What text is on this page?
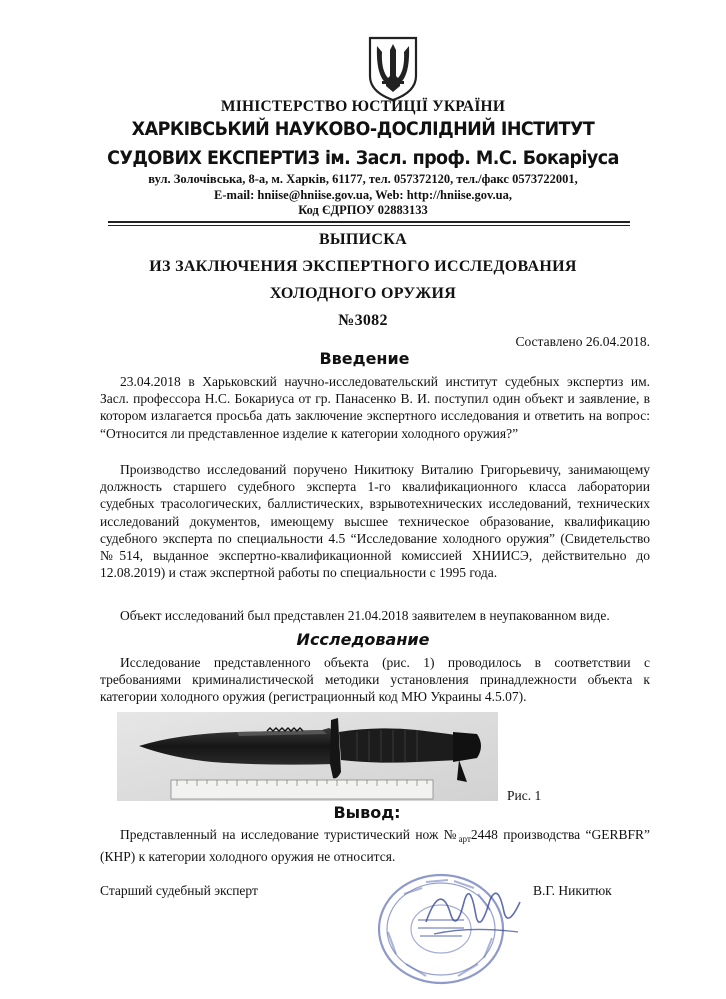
МІНІСТЕРСТВО ЮСТИЦІЇ УКРАЇНИ
ХАРКІВСЬКИЙ НАУКОВО-ДОСЛІДНИЙ ІНСТИТУТ
СУДОВИХ ЕКСПЕРТИЗ ім. Засл. проф. М.С. Бокаріуса
вул. Золочівська, 8-а, м. Харків, 61177, тел. 057372120, тел./факс 0573722001,
E-mail: hniise@hniise.gov.ua, Web: http://hniise.gov.ua,
Код ЄДРПОУ 02883133
ВЫПИСКА
ИЗ ЗАКЛЮЧЕНИЯ ЭКСПЕРТНОГО ИССЛЕДОВАНИЯ
ХОЛОДНОГО ОРУЖИЯ
№3082
Составлено 26.04.2018.
Введение

23.04.2018 в Харьковский научно-исследовательский институт судебных экспертиз им. Засл. профессора Н.С. Бокариуса от гр. Панасенко В. И. поступил один объект и заявление, в котором излагается просьба дать заключение экспертного исследования и ответить на вопрос: “Относится ли представленное изделие к категории холодного оружия?”

Производство исследований поручено Никитюку Виталию Григорьевичу, занимающему должность старшего судебного эксперта 1-го квалификационного класса лаборатории судебных трасологических, баллистических, взрывотехнических исследований, технических исследований документов, имеющему высшее техническое образование, квалификацию судебного эксперта по специальности 4.5 “Исследование холодного оружия” (Свидетельство №514, выданное экспертно-квалификационной комиссией ХНИИСЭ, действительно до 12.08.2019) и стаж экспертной работы по специальности с 1995 года.

Объект исследований был представлен 21.04.2018 заявителем в неупакованном виде.

Исследование

Исследование представленного объекта (рис. 1) проводилось в соответствии с требованиями криминалистической методики установления принадлежности объекта к категории холодного оружия (регистрационный код МЮ Украины 4.5.07).

Рис. 1
Вывод:

Представленный на исследование туристический нож $№_{арт}2448$ производства “GERBFR” (КНР) к категории холодного оружия не относится.

Старший судебный эксперт	В.Г. Никитюк
